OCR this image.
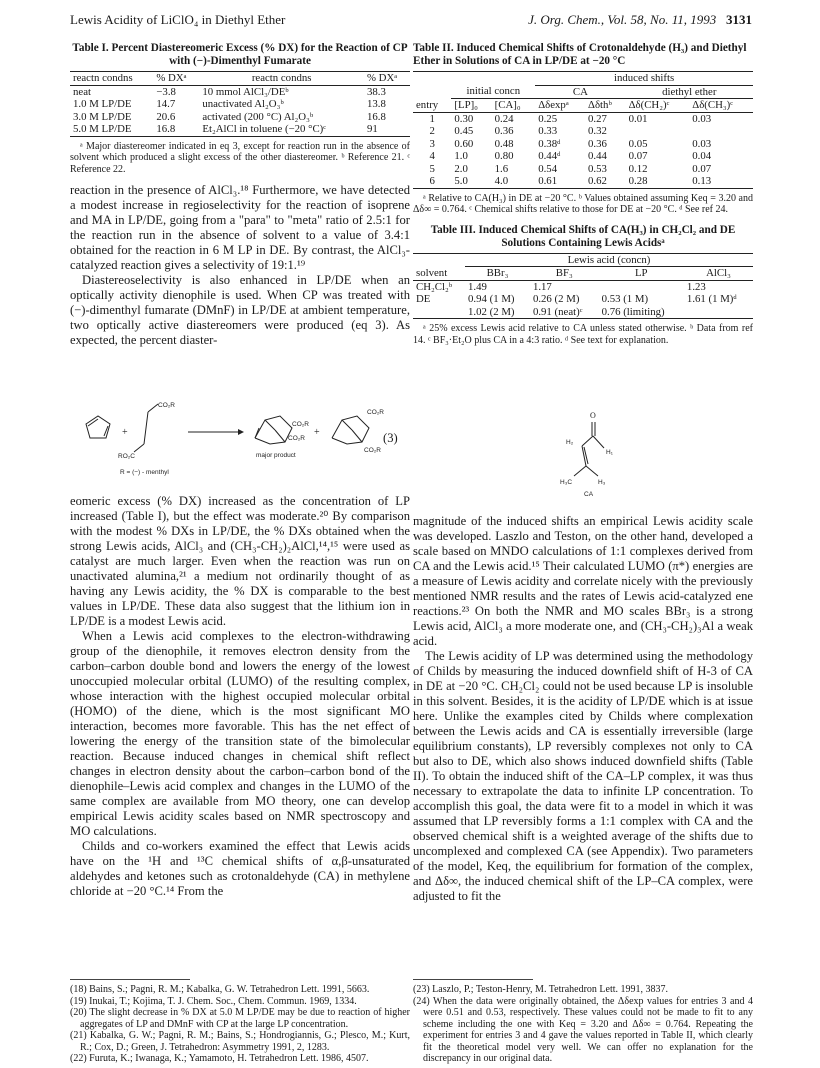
Lewis Acidity of LiClO₄ in Diethyl Ether	J. Org. Chem., Vol. 58, No. 11, 1993 3131
Table I. Percent Diastereomeric Excess (% DX) for the Reaction of CP with (−)-Dimenthyl Fumarate
reactn condns	% DXᵃ	reactn condns	% DXᵃ
neat	−3.8	10 mmol AlCl₃/DEᵇ	38.3
1.0 M LP/DE	14.7	unactivated Al₂O₃ᵇ	13.8
3.0 M LP/DE	20.6	activated (200 °C) Al₂O₃ᵇ	16.8
5.0 M LP/DE	16.8	Et₂AlCl in toluene (−20 °C)ᶜ	91

ᵃ Major diastereomer indicated in eq 3, except for reaction run in the absence of solvent which produced a slight excess of the other diastereomer. ᵇ Reference 21. ᶜ Reference 22.

reaction in the presence of AlCl₃.¹⁸ Furthermore, we have detected a modest increase in regioselectivity for the reaction of isoprene and MA in LP/DE, going from a "para" to "meta" ratio of 2.5:1 for the reaction run in the absence of solvent to a value of 3.4:1 obtained for the reaction in 6 M LP in DE. By contrast, the AlCl₃-catalyzed reaction gives a selectivity of 19:1.¹⁹

Diastereoselectivity is also enhanced in LP/DE when an optically activity dienophile is used. When CP was treated with (−)-dimenthyl fumarate (DMnF) in LP/DE at ambient temperature, two optically active diastereomers were produced (eq 3). As expected, the percent diaster-

+
CO₂R
RO₂C
R = (−) - menthyl
CO₂R
CO₂R
major product
+
CO₂R
CO₂R
(3)

eomeric excess (% DX) increased as the concentration of LP increased (Table I), but the effect was moderate.²⁰ By comparison with the modest % DXs in LP/DE, the % DXs obtained when the strong Lewis acids, AlCl₃ and (CH₃-CH₂)₂AlCl,¹⁴,¹⁵ were used as catalyst are much larger. Even when the reaction was run on unactivated alumina,²¹ a medium not ordinarily thought of as having any Lewis acidity, the % DX is comparable to the best values in LP/DE. These data also suggest that the lithium ion in LP/DE is a modest Lewis acid.

When a Lewis acid complexes to the electron-withdrawing group of the dienophile, it removes electron density from the carbon–carbon double bond and lowers the energy of the lowest unoccupied molecular orbital (LUMO) of the resulting complex, whose interaction with the highest occupied molecular orbital (HOMO) of the diene, which is the most significant MO interaction, becomes more favorable. This has the net effect of lowering the energy of the transition state of the bimolecular reaction. Because induced changes in chemical shift reflect changes in electron density about the carbon–carbon bond of the dienophile–Lewis acid complex and changes in the LUMO of the same complex are available from MO theory, one can develop empirical Lewis acidity scales based on NMR spectroscopy and MO calculations.

Childs and co-workers examined the effect that Lewis acids have on the ¹H and ¹³C chemical shifts of α,β-unsaturated aldehydes and ketones such as crotonaldehyde (CA) in methylene chloride at −20 °C.¹⁴ From the

(18) Bains, S.; Pagni, R. M.; Kabalka, G. W. Tetrahedron Lett. 1991, 5663.

(19) Inukai, T.; Kojima, T. J. Chem. Soc., Chem. Commun. 1969, 1334.

(20) The slight decrease in % DX at 5.0 M LP/DE may be due to reaction of higher aggregates of LP and DMnF with CP at the large LP concentration.

(21) Kabalka, G. W.; Pagni, R. M.; Bains, S.; Hondrogiannis, G.; Plesco, M.; Kurt, R.; Cox, D.; Green, J. Tetrahedron: Asymmetry 1991, 2, 1283.

(22) Furuta, K.; Iwanaga, K.; Yamamoto, H. Tetrahedron Lett. 1986, 4507.

Table II. Induced Chemical Shifts of Crotonaldehyde (H₃) and Diethyl Ether in Solutions of CA in LP/DE at −20 °C
			induced shifts			
	initial concn		CA		diethyl ether	
entry	[LP]₀	[CA]₀	Δδexpᵃ	Δδthᵇ	Δδ(CH₂)ᶜ	Δδ(CH₃)ᶜ
1	0.30	0.24	0.25	0.27	0.01	0.03
2	0.45	0.36	0.33	0.32		
3	0.60	0.48	0.38ᵈ	0.36	0.05	0.03
4	1.0	0.80	0.44ᵈ	0.44	0.07	0.04
5	2.0	1.6	0.54	0.53	0.12	0.07
6	5.0	4.0	0.61	0.62	0.28	0.13

ᵃ Relative to CA(H₃) in DE at −20 °C. ᵇ Values obtained assuming Keq = 3.20 and Δδ∞ = 0.764. ᶜ Chemical shifts relative to those for DE at −20 °C. ᵈ See ref 24.

Table III. Induced Chemical Shifts of CA(H₃) in CH₂Cl₂ and DE Solutions Containing Lewis Acidsᵃ
	Lewis acid (concn)			
solvent	BBr₃	BF₃	LP	AlCl₃
CH₂Cl₂ᵇ	1.49	1.17		1.23
DE	0.94 (1 M)	0.26 (2 M)	0.53 (1 M)	1.61 (1 M)ᵈ
	1.02 (2 M)	0.91 (neat)ᶜ	0.76 (limiting)	

ᵃ 25% excess Lewis acid relative to CA unless stated otherwise. ᵇ Data from ref 14. ᶜ BF₃·Et₂O plus CA in a 4:3 ratio. ᵈ See text for explanation.

O
H₂
H₁
H₃C	H₃
CA

magnitude of the induced shifts an empirical Lewis acidity scale was developed. Laszlo and Teston, on the other hand, developed a scale based on MNDO calculations of 1:1 complexes derived from CA and the Lewis acid.¹⁵ Their calculated LUMO (π*) energies are a measure of Lewis acidity and correlate nicely with the previously mentioned NMR results and the rates of Lewis acid-catalyzed ene reactions.²³ On both the NMR and MO scales BBr₃ is a strong Lewis acid, AlCl₃ a more moderate one, and (CH₃-CH₂)₃Al a weak acid.

The Lewis acidity of LP was determined using the methodology of Childs by measuring the induced downfield shift of H-3 of CA in DE at −20 °C. CH₂Cl₂ could not be used because LP is insoluble in this solvent. Besides, it is the acidity of LP/DE which is at issue here. Unlike the examples cited by Childs where complexation between the Lewis acids and CA is essentially irreversible (large equilibrium constants), LP reversibly complexes not only to CA but also to DE, which also shows induced downfield shifts (Table II). To obtain the induced shift of the CA–LP complex, it was thus necessary to extrapolate the data to infinite LP concentration. To accomplish this goal, the data were fit to a model in which it was assumed that LP reversibly forms a 1:1 complex with CA and the observed chemical shift is a weighted average of the shifts due to uncomplexed and complexed CA (see Appendix). Two parameters of the model, Keq, the equilibrium for formation of the complex, and Δδ∞, the induced chemical shift of the LP–CA complex, were adjusted to fit the

(23) Laszlo, P.; Teston-Henry, M. Tetrahedron Lett. 1991, 3837.

(24) When the data were originally obtained, the Δδexp values for entries 3 and 4 were 0.51 and 0.53, respectively. These values could not be made to fit to any scheme including the one with Keq = 3.20 and Δδ∞ = 0.764. Repeating the experiment for entries 3 and 4 gave the values reported in Table II, which clearly fit the theoretical model very well. We can offer no explanation for the discrepancy in our original data.
